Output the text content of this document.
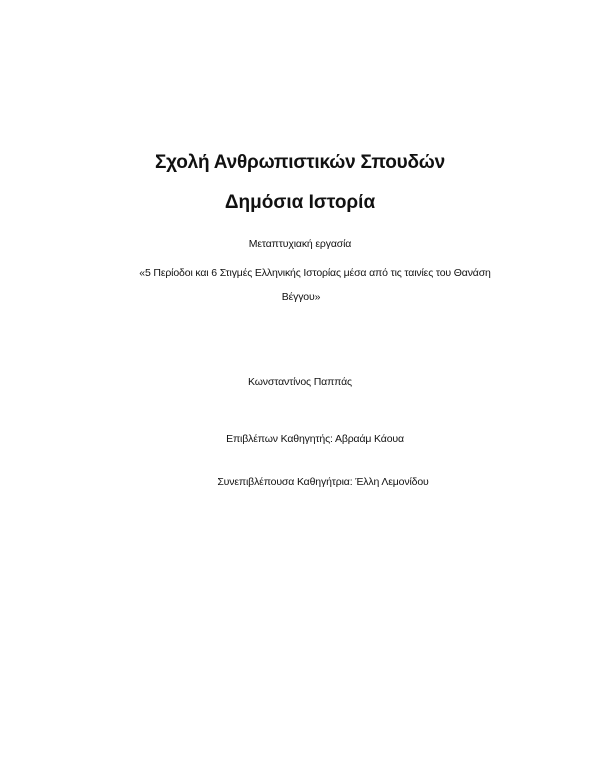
Σχολή Ανθρωπιστικών Σπουδών
Δημόσια Ιστορία
Μεταπτυχιακή εργασία
«5 Περίοδοι και 6 Στιγμές Ελληνικής Ιστορίας μέσα από τις ταινίες του Θανάση
Βέγγου»
Κωνσταντίνος Παππάς
Επιβλέπων Καθηγητής: Αβραάμ Κάουα
Συνεπιβλέπουσα Καθηγήτρια: Έλλη Λεμονίδου
